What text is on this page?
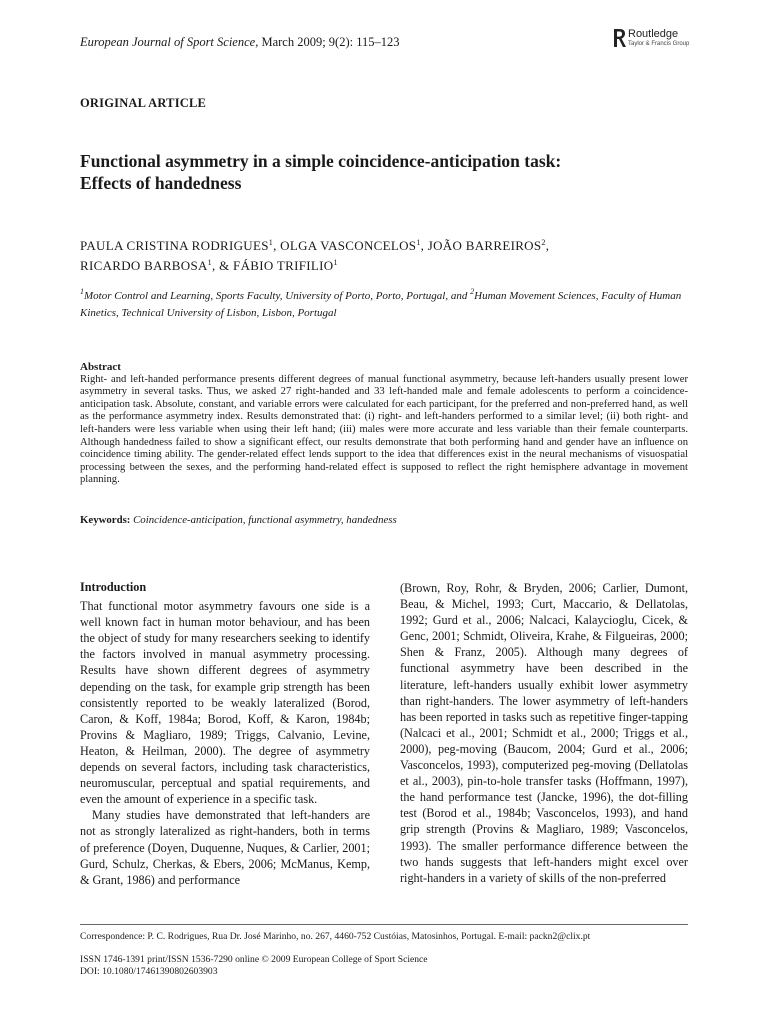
European Journal of Sport Science, March 2009; 9(2): 115–123
Routledge
Taylor & Francis Group
ORIGINAL ARTICLE
Functional asymmetry in a simple coincidence-anticipation task:
Effects of handedness
PAULA CRISTINA RODRIGUES$^1$, OLGA VASCONCELOS$^1$, JOÃO BARREIROS$^2$,
RICARDO BARBOSA$^1$, & FÁBIO TRIFILIO$^1$
$^1$Motor Control and Learning, Sports Faculty, University of Porto, Porto, Portugal, and $^2$Human Movement Sciences, Faculty of Human Kinetics, Technical University of Lisbon, Lisbon, Portugal
Abstract
Right- and left-handed performance presents different degrees of manual functional asymmetry, because left-handers usually present lower asymmetry in several tasks. Thus, we asked 27 right-handed and 33 left-handed male and female adolescents to perform a coincidence-anticipation task. Absolute, constant, and variable errors were calculated for each participant, for the preferred and non-preferred hand, as well as the performance asymmetry index. Results demonstrated that: (i) right- and left-handers performed to a similar level; (ii) both right- and left-handers were less variable when using their left hand; (iii) males were more accurate and less variable than their female counterparts. Although handedness failed to show a significant effect, our results demonstrate that both performing hand and gender have an influence on coincidence timing ability. The gender-related effect lends support to the idea that differences exist in the neural mechanisms of visuospatial processing between the sexes, and the performing hand-related effect is supposed to reflect the right hemisphere advantage in movement planning.
Keywords: Coincidence-anticipation, functional asymmetry, handedness
Introduction

That functional motor asymmetry favours one side is a well known fact in human motor behaviour, and has been the object of study for many researchers seeking to identify the factors involved in manual asymmetry processing. Results have shown different degrees of asymmetry depending on the task, for example grip strength has been consistently reported to be weakly lateralized (Borod, Caron, & Koff, 1984a; Borod, Koff, & Karon, 1984b; Provins & Magliaro, 1989; Triggs, Calvanio, Levine, Heaton, & Heilman, 2000). The degree of asymmetry depends on several factors, including task characteristics, neuromuscular, perceptual and spatial requirements, and even the amount of experience in a specific task.

Many studies have demonstrated that left-handers are not as strongly lateralized as right-handers, both in terms of preference (Doyen, Duquenne, Nuques, & Carlier, 2001; Gurd, Schulz, Cherkas, & Ebers, 2006; McManus, Kemp, & Grant, 1986) and performance

(Brown, Roy, Rohr, & Bryden, 2006; Carlier, Dumont, Beau, & Michel, 1993; Curt, Maccario, & Dellatolas, 1992; Gurd et al., 2006; Nalcaci, Kalaycioglu, Cicek, & Genc, 2001; Schmidt, Oliveira, Krahe, & Filgueiras, 2000; Shen & Franz, 2005). Although many degrees of functional asymmetry have been described in the literature, left-handers usually exhibit lower asymmetry than right-handers. The lower asymmetry of left-handers has been reported in tasks such as repetitive finger-tapping (Nalcaci et al., 2001; Schmidt et al., 2000; Triggs et al., 2000), peg-moving (Baucom, 2004; Gurd et al., 2006; Vasconcelos, 1993), computerized peg-moving (Dellatolas et al., 2003), pin-to-hole transfer tasks (Hoffmann, 1997), the hand performance test (Jancke, 1996), the dot-filling test (Borod et al., 1984b; Vasconcelos, 1993), and hand grip strength (Provins & Magliaro, 1989; Vasconcelos, 1993). The smaller performance difference between the two hands suggests that left-handers might excel over right-handers in a variety of skills of the non-preferred

Correspondence: P. C. Rodrigues, Rua Dr. José Marinho, no. 267, 4460-752 Custóias, Matosinhos, Portugal. E-mail: packn2@clix.pt
ISSN 1746-1391 print/ISSN 1536-7290 online © 2009 European College of Sport Science
DOI: 10.1080/17461390802603903
